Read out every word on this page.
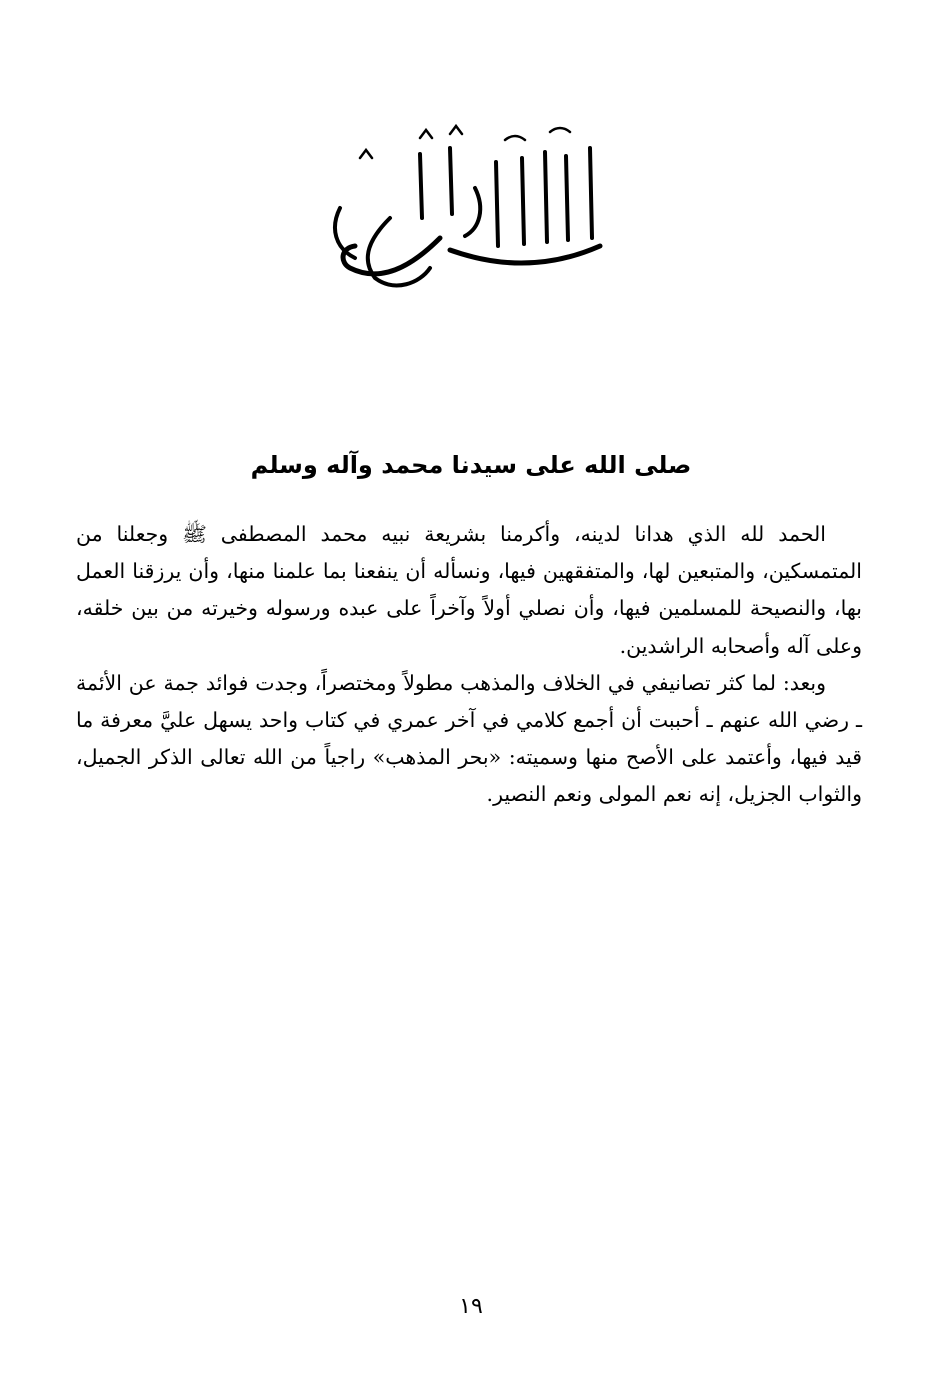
صلى الله على سيدنا محمد وآله وسلم

الحمد لله الذي هدانا لدينه، وأكرمنا بشريعة نبيه محمد المصطفى ﷺ وجعلنا من المتمسكين، والمتبعين لها، والمتفقهين فيها، ونسأله أن ينفعنا بما علمنا منها، وأن يرزقنا العمل بها، والنصيحة للمسلمين فيها، وأن نصلي أولاً وآخراً على عبده ورسوله وخيرته من بين خلقه، وعلى آله وأصحابه الراشدين.

وبعد: لما كثر تصانيفي في الخلاف والمذهب مطولاً ومختصراً، وجدت فوائد جمة عن الأئمة ـ رضي الله عنهم ـ أحببت أن أجمع كلامي في آخر عمري في كتاب واحد يسهل عليَّ معرفة ما قيد فيها، وأعتمد على الأصح منها وسميته: «بحر المذهب» راجياً من الله تعالى الذكر الجميل، والثواب الجزيل، إنه نعم المولى ونعم النصير.

١٩
